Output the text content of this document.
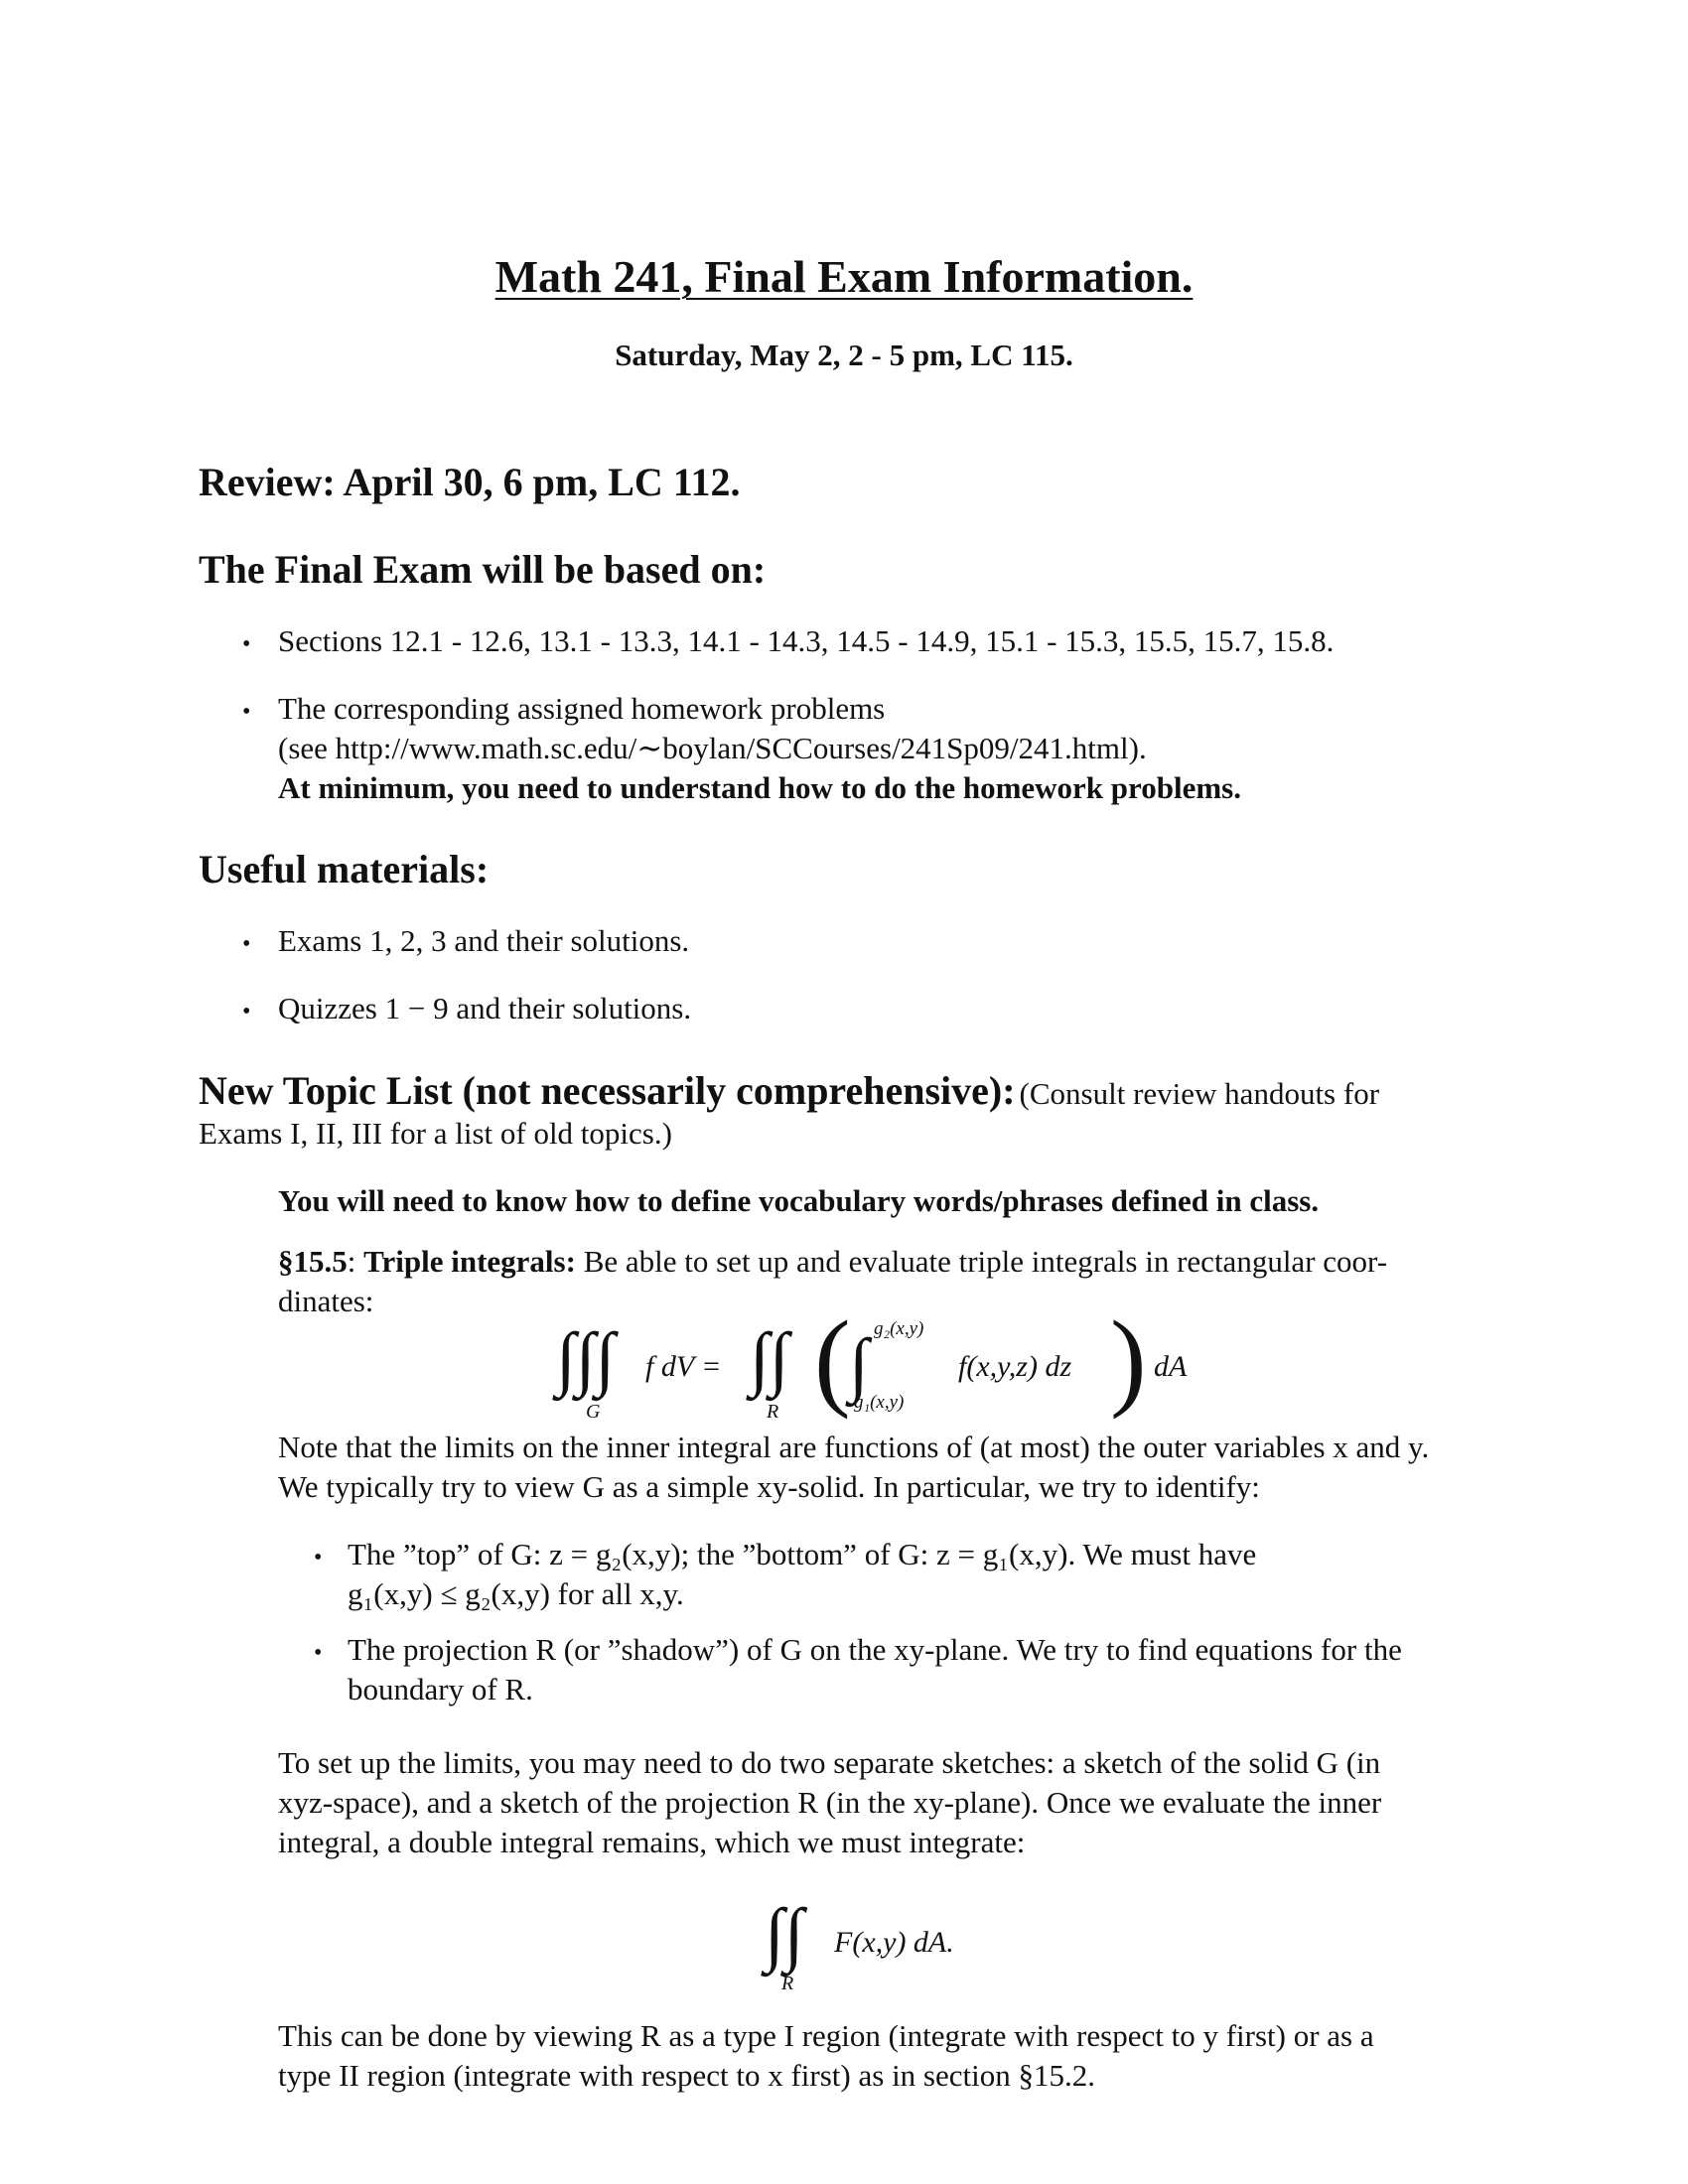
Math 241, Final Exam Information.
Saturday, May 2, 2 - 5 pm, LC 115.
Review: April 30, 6 pm, LC 112.
The Final Exam will be based on:
• Sections 12.1 - 12.6, 13.1 - 13.3, 14.1 - 14.3, 14.5 - 14.9, 15.1 - 15.3, 15.5, 15.7, 15.8.
• The corresponding assigned homework problems
(see http://www.math.sc.edu/∼boylan/SCCourses/241Sp09/241.html).
At minimum, you need to understand how to do the homework problems.
Useful materials:
• Exams 1, 2, 3 and their solutions.
• Quizzes 1 − 9 and their solutions.
New Topic List (not necessarily comprehensive): (Consult review handouts for
Exams I, II, III for a list of old topics.)
You will need to know how to define vocabulary words/phrases defined in class.
§15.5: Triple integrals: Be able to set up and evaluate triple integrals in rectangular coor-
dinates:
∫∫∫
G
f dV = ∫∫
R (
∫ g₂(x,y)
g₁(x,y)
f(x,y,z) dz ) dA
Note that the limits on the inner integral are functions of (at most) the outer variables x and y.
We typically try to view G as a simple xy-solid. In particular, we try to identify:
• The ”top” of G: z = g₂(x,y); the ”bottom” of G: z = g₁(x,y). We must have
g₁(x,y) ≤ g₂(x,y) for all x,y.
• The projection R (or ”shadow”) of G on the xy-plane. We try to find equations for the
boundary of R.
To set up the limits, you may need to do two separate sketches: a sketch of the solid G (in
xyz-space), and a sketch of the projection R (in the xy-plane). Once we evaluate the inner
integral, a double integral remains, which we must integrate:
∫∫
R
F(x,y) dA.
This can be done by viewing R as a type I region (integrate with respect to y first) or as a
type II region (integrate with respect to x first) as in section §15.2.
